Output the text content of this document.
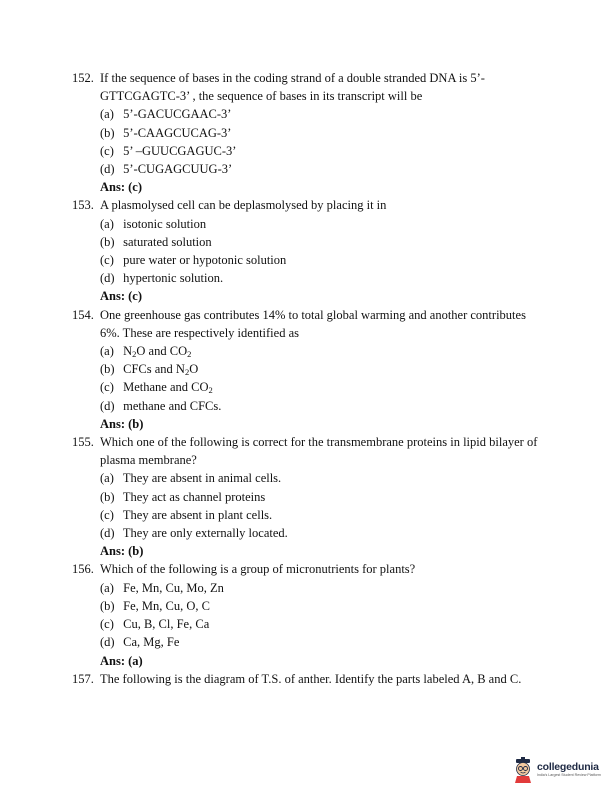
152. If the sequence of bases in the coding strand of a double stranded DNA is 5’-GTTCGAGTC-3’ , the sequence of bases in its transcript will be
(a) 5’-GACUCGAAC-3’
(b) 5’-CAAGCUCAG-3’
(c) 5’ –GUUCGAGUC-3’
(d) 5’-CUGAGCUUG-3’
Ans: (c)
153. A plasmolysed cell can be deplasmolysed by placing it in
(a) isotonic solution
(b) saturated solution
(c) pure water or hypotonic solution
(d) hypertonic solution.
Ans: (c)
154. One greenhouse gas contributes 14% to total global warming and another contributes 6%. These are respectively identified as
(a) $N_2O$ and $CO_2$
(b) CFCs and $N_2O$
(c) Methane and $CO_2$
(d) methane and CFCs.
Ans: (b)
155. Which one of the following is correct for the transmembrane proteins in lipid bilayer of plasma membrane?
(a) They are absent in animal cells.
(b) They act as channel proteins
(c) They are absent in plant cells.
(d) They are only externally located.
Ans: (b)
156. Which of the following is a group of micronutrients for plants?
(a) Fe, Mn, Cu, Mo, Zn
(b) Fe, Mn, Cu, O, C
(c) Cu, B, Cl, Fe, Ca
(d) Ca, Mg, Fe
Ans: (a)
157. The following is the diagram of T.S. of anther. Identify the parts labeled A, B and C.
collegedunia
India's Largest Student Review Platform
